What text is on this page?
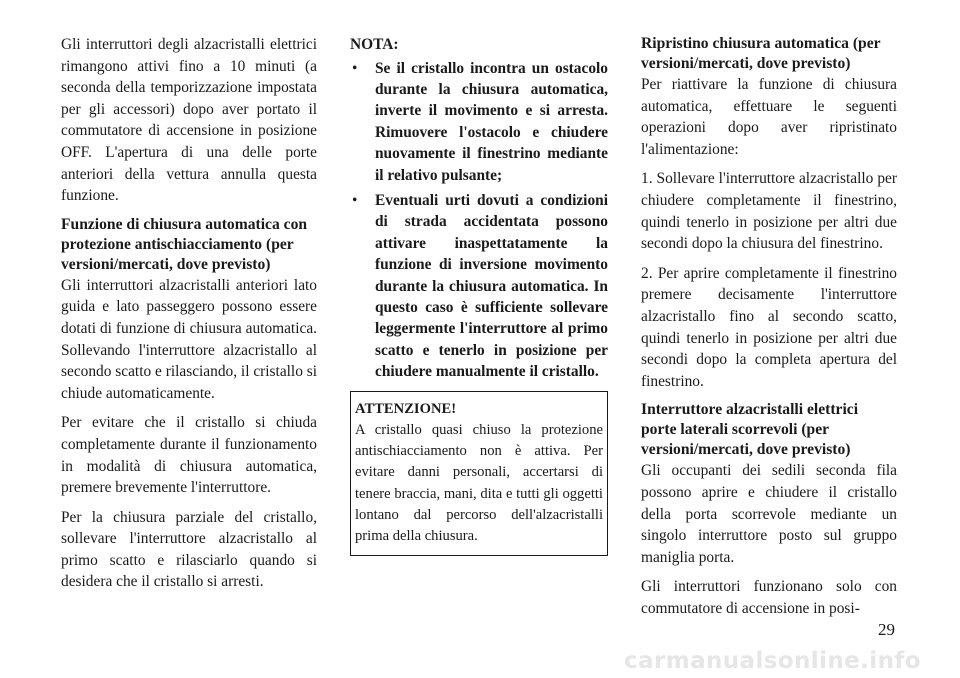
Gli interruttori degli alzacristalli elettrici rimangono attivi fino a 10 minuti (a seconda della temporizzazione impostata per gli accessori) dopo aver portato il commutatore di accensione in posizione OFF. L'apertura di una delle porte anteriori della vettura annulla questa funzione.

Funzione di chiusura automatica con protezione antischiacciamento (per versioni/mercati, dove previsto)

Gli interruttori alzacristalli anteriori lato guida e lato passeggero possono essere dotati di funzione di chiusura automatica. Sollevando l'interruttore alzacristallo al secondo scatto e rilasciando, il cristallo si chiude automaticamente.

Per evitare che il cristallo si chiuda completamente durante il funzionamento in modalità di chiusura automatica, premere brevemente l'interruttore.

Per la chiusura parziale del cristallo, sollevare l'interruttore alzacristallo al primo scatto e rilasciarlo quando si desidera che il cristallo si arresti.

NOTA:
• Se il cristallo incontra un ostacolo durante la chiusura automatica, inverte il movimento e si arresta. Rimuovere l'ostacolo e chiudere nuovamente il finestrino mediante il relativo pulsante;
• Eventuali urti dovuti a condizioni di strada accidentata possono attivare inaspettatamente la funzione di inversione movimento durante la chiusura automatica. In questo caso è sufficiente sollevare leggermente l'interruttore al primo scatto e tenerlo in posizione per chiudere manualmente il cristallo.
ATTENZIONE!
A cristallo quasi chiuso la protezione antischiacciamento non è attiva. Per evitare danni personali, accertarsi di tenere braccia, mani, dita e tutti gli oggetti lontano dal percorso dell'alzacristalli prima della chiusura.
Ripristino chiusura automatica (per versioni/mercati, dove previsto)

Per riattivare la funzione di chiusura automatica, effettuare le seguenti operazioni dopo aver ripristinato l'alimentazione:

1. Sollevare l'interruttore alzacristallo per chiudere completamente il finestrino, quindi tenerlo in posizione per altri due secondi dopo la chiusura del finestrino.

2. Per aprire completamente il finestrino premere decisamente l'interruttore alzacristallo fino al secondo scatto, quindi tenerlo in posizione per altri due secondi dopo la completa apertura del finestrino.

Interruttore alzacristalli elettrici porte laterali scorrevoli (per versioni/mercati, dove previsto)

Gli occupanti dei sedili seconda fila possono aprire e chiudere il cristallo della porta scorrevole mediante un singolo interruttore posto sul gruppo maniglia porta.

Gli interruttori funzionano solo con commutatore di accensione in posi-

29
carmanualsonline.info
